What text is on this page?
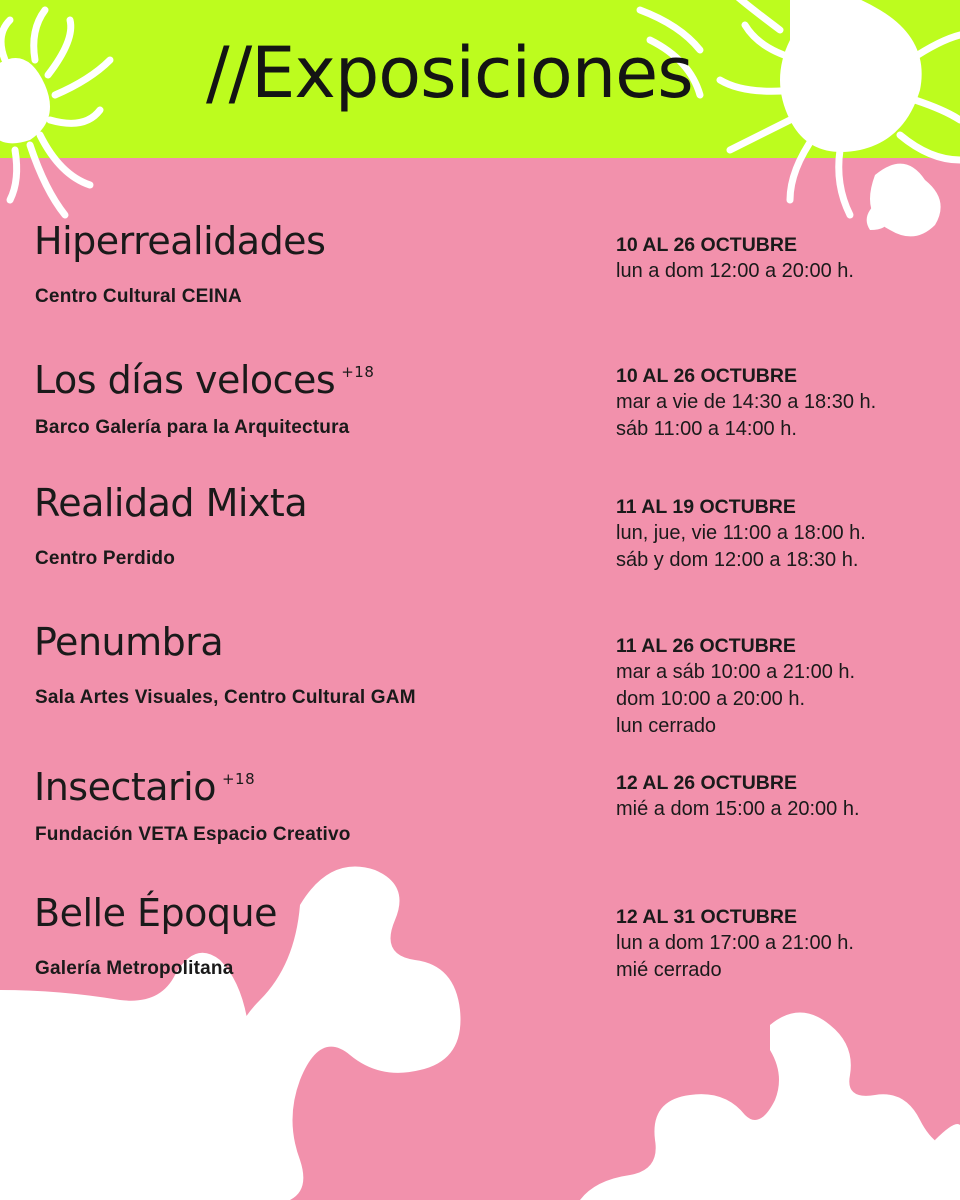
//Exposiciones
Hiperrealidades
Centro Cultural CEINA
10 AL 26 OCTUBRE
lun a dom 12:00 a 20:00 h.
Los días veloces $^{+18}$
Barco Galería para la Arquitectura
10 AL 26 OCTUBRE
mar a vie de 14:30 a 18:30 h.
sáb 11:00 a 14:00 h.
Realidad Mixta
Centro Perdido
11 AL 19 OCTUBRE
lun, jue, vie 11:00 a 18:00 h.
sáb y dom 12:00 a 18:30 h.
Penumbra
Sala Artes Visuales, Centro Cultural GAM
11 AL 26 OCTUBRE
mar a sáb 10:00 a 21:00 h.
dom 10:00 a 20:00 h.
lun cerrado
Insectario $^{+18}$
Fundación VETA Espacio Creativo
12 AL 26 OCTUBRE
mié a dom 15:00 a 20:00 h.
Belle Époque
Galería Metropolitana
12 AL 31 OCTUBRE
lun a dom 17:00 a 21:00 h.
mié cerrado
